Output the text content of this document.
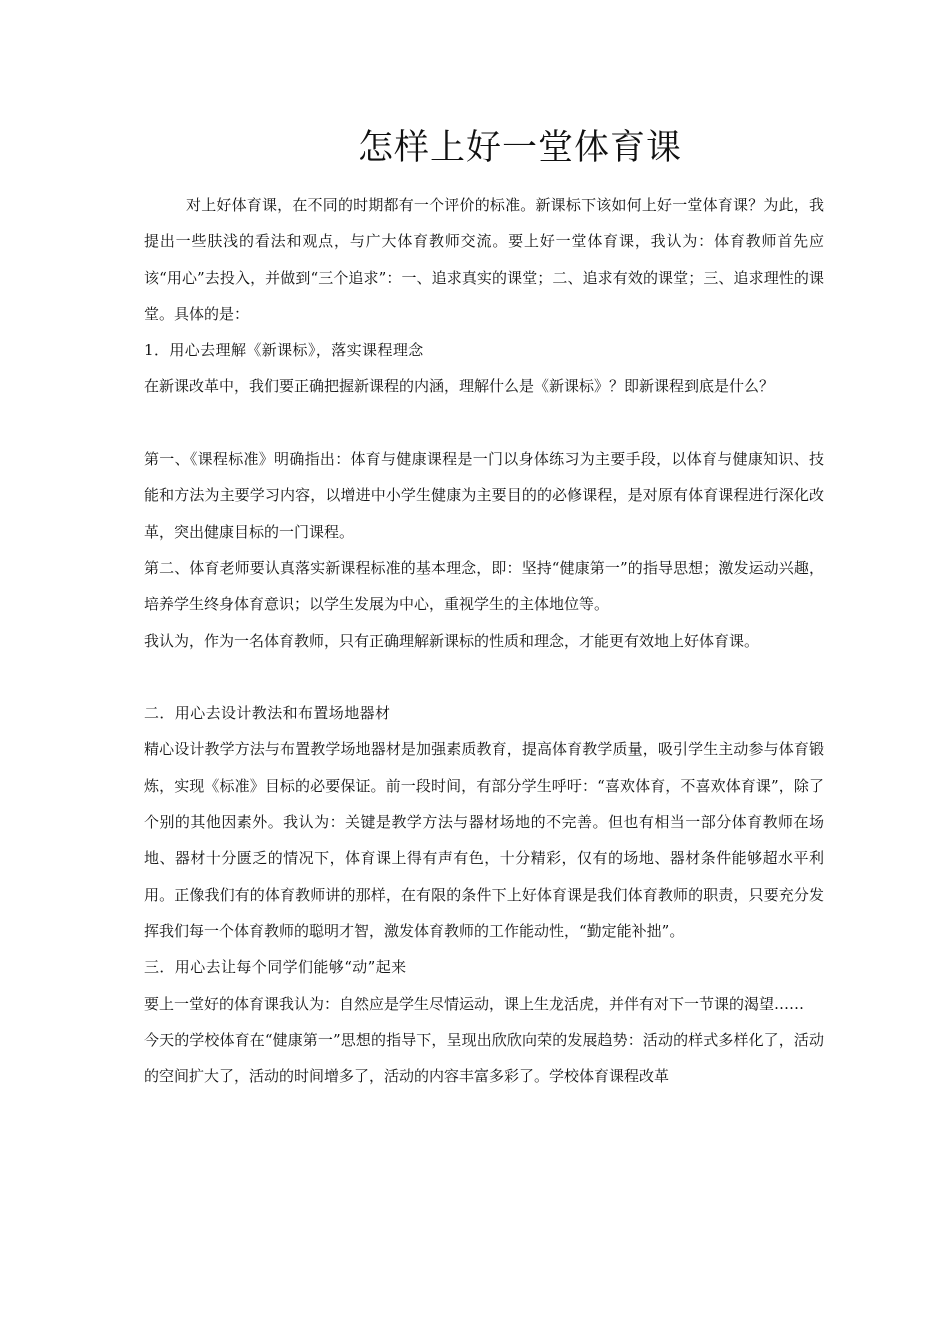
怎样上好一堂体育课

对上好体育课，在不同的时期都有一个评价的标准。新课标下该如何上好一堂体育课？为此，我提出一些肤浅的看法和观点，与广大体育教师交流。要上好一堂体育课，我认为：体育教师首先应该“用心”去投入，并做到“三个追求”：一、追求真实的课堂；二、追求有效的课堂；三、追求理性的课堂。具体的是：

1．用心去理解《新课标》，落实课程理念

在新课改革中，我们要正确把握新课程的内涵，理解什么是《新课标》？即新课程到底是什么？

第一、《课程标准》明确指出：体育与健康课程是一门以身体练习为主要手段，以体育与健康知识、技能和方法为主要学习内容，以增进中小学生健康为主要目的的必修课程，是对原有体育课程进行深化改革，突出健康目标的一门课程。

第二、体育老师要认真落实新课程标准的基本理念，即：坚持“健康第一”的指导思想；激发运动兴趣，培养学生终身体育意识；以学生发展为中心，重视学生的主体地位等。

我认为，作为一名体育教师，只有正确理解新课标的性质和理念，才能更有效地上好体育课。

二．用心去设计教法和布置场地器材

精心设计教学方法与布置教学场地器材是加强素质教育，提高体育教学质量，吸引学生主动参与体育锻炼，实现《标准》目标的必要保证。前一段时间，有部分学生呼吁：“喜欢体育，不喜欢体育课”，除了个别的其他因素外。我认为：关键是教学方法与器材场地的不完善。但也有相当一部分体育教师在场地、器材十分匮乏的情况下，体育课上得有声有色，十分精彩，仅有的场地、器材条件能够超水平利用。正像我们有的体育教师讲的那样，在有限的条件下上好体育课是我们体育教师的职责，只要充分发挥我们每一个体育教师的聪明才智，激发体育教师的工作能动性，“勤定能补拙”。

三．用心去让每个同学们能够“动”起来

要上一堂好的体育课我认为：自然应是学生尽情运动，课上生龙活虎，并伴有对下一节课的渴望……

今天的学校体育在“健康第一”思想的指导下，呈现出欣欣向荣的发展趋势：活动的样式多样化了，活动的空间扩大了，活动的时间增多了，活动的内容丰富多彩了。学校体育课程改革
